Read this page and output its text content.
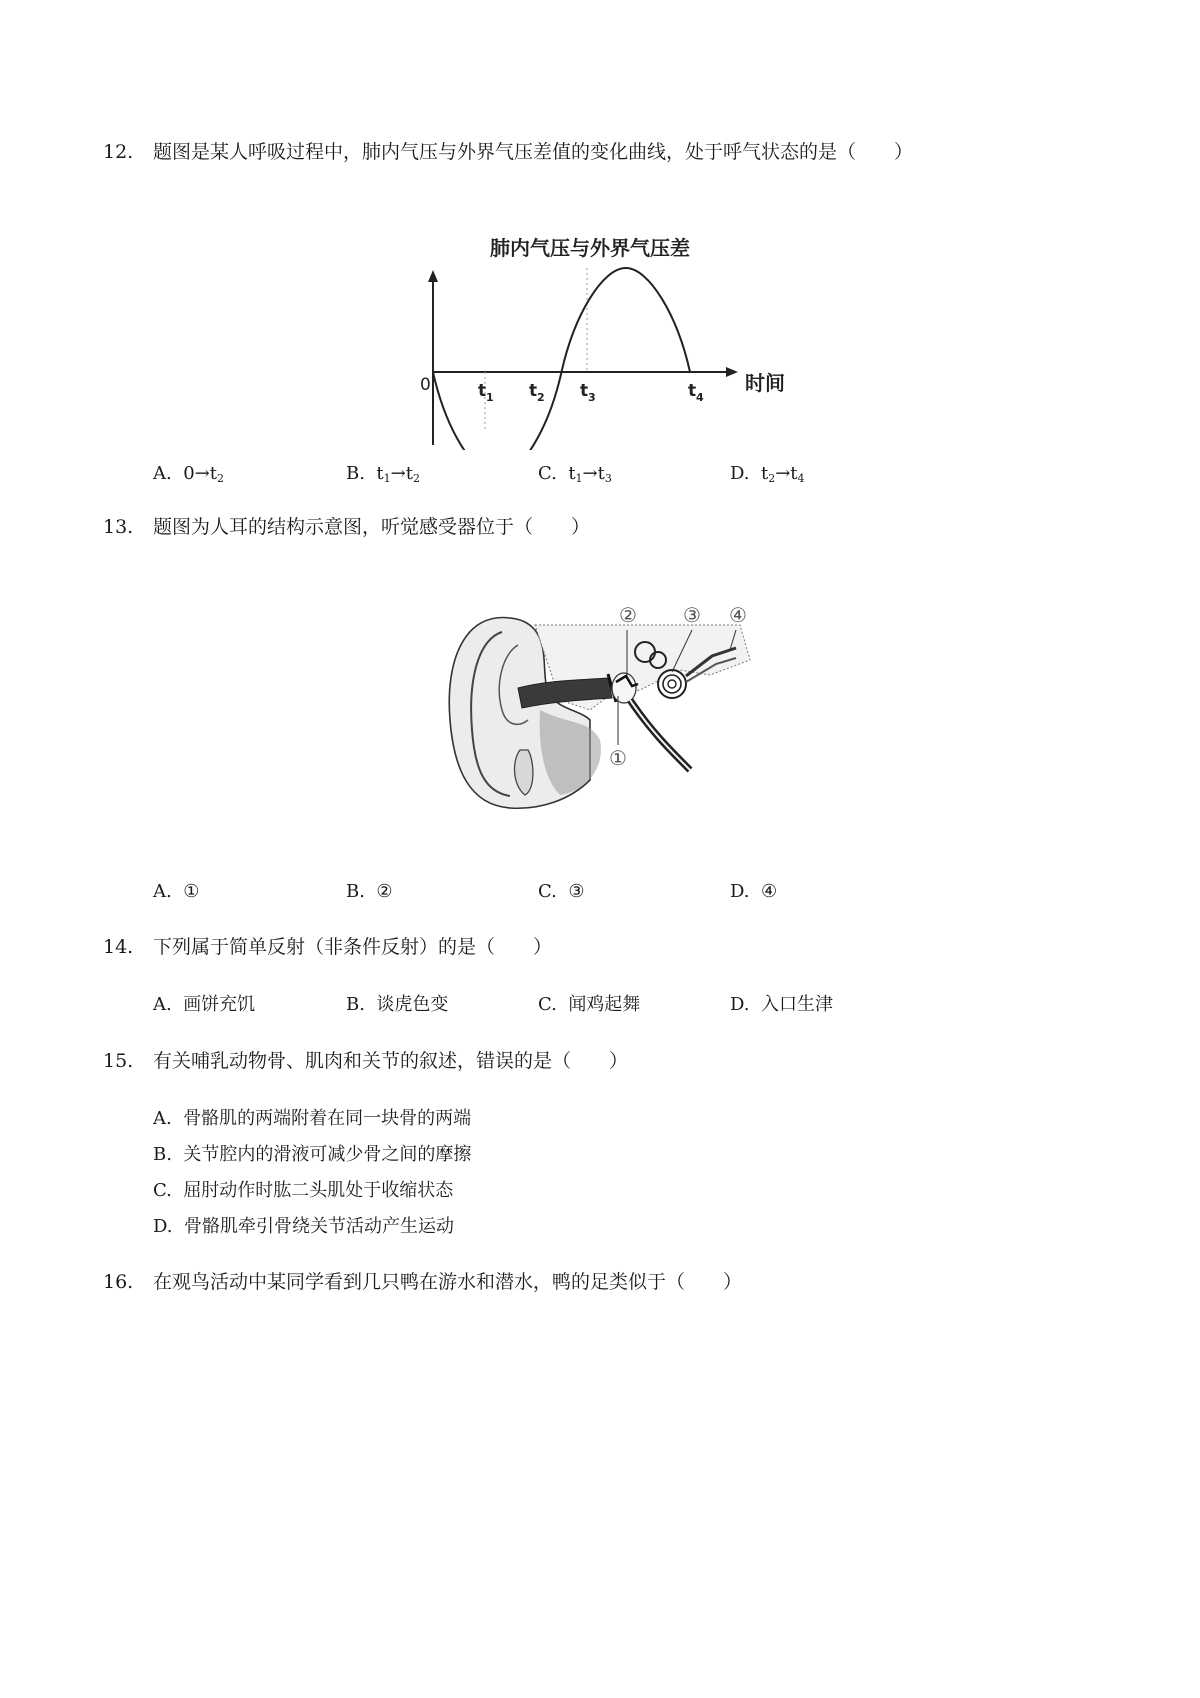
12. 题图是某人呼吸过程中，肺内气压与外界气压差值的变化曲线，处于呼气状态的是（　　）
肺内气压与外界气压差
0	时间
t 1 t 2 t 3	t 4
A. $0\to t_2$	B. $t_1\to t_2$	C. $t_1\to t_3$	D. $t_2\to t_4$
13. 题图为人耳的结构示意图，听觉感受器位于（　　）
①
② ③ ④
A. ①	B. ②	C. ③	D. ④
14. 下列属于简单反射（非条件反射）的是（　　）
A. 画饼充饥	B. 谈虎色变	C. 闻鸡起舞	D. 入口生津
15. 有关哺乳动物骨、肌肉和关节的叙述，错误的是（　　）
A. 骨骼肌的两端附着在同一块骨的两端
B. 关节腔内的滑液可减少骨之间的摩擦
C. 屈肘动作时肱二头肌处于收缩状态
D. 骨骼肌牵引骨绕关节活动产生运动
16. 在观鸟活动中某同学看到几只鸭在游水和潜水，鸭的足类似于（　　）
